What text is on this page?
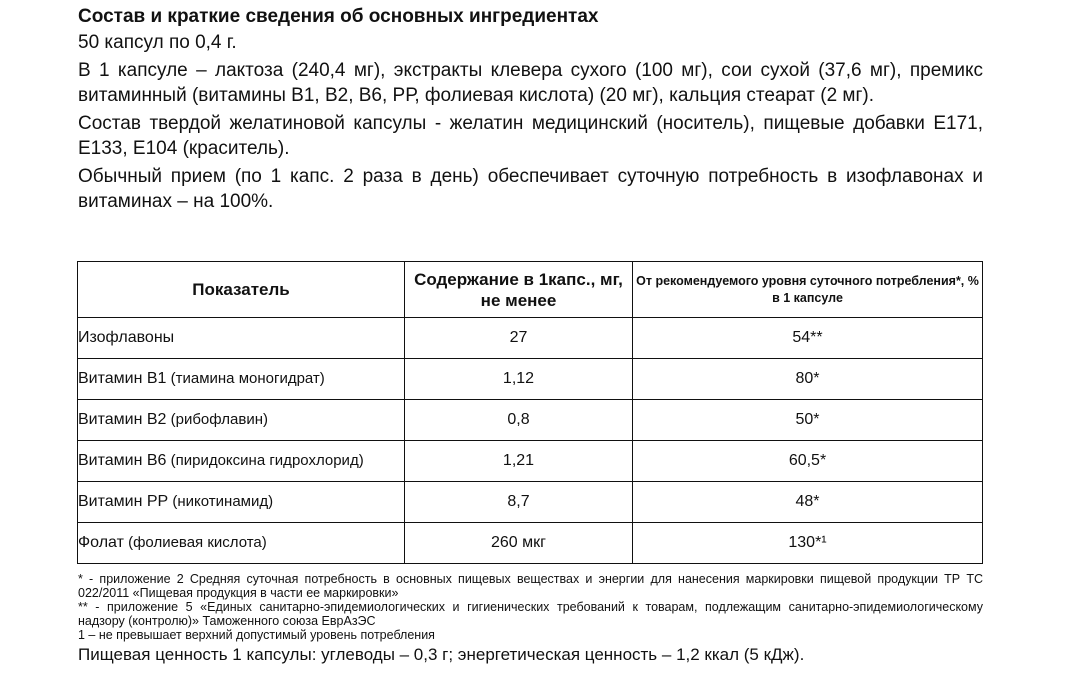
Состав и краткие сведения об основных ингредиентах

50 капсул по 0,4 г.

В 1 капсуле – лактоза (240,4 мг), экстракты клевера сухого (100 мг), сои сухой (37,6 мг), премикс витаминный (витамины В1, В2, В6, РР, фолиевая кислота) (20 мг), кальция стеарат (2 мг).

Состав твердой желатиновой капсулы - желатин медицинский (носитель), пищевые добавки Е171, Е133, Е104 (краситель).

Обычный прием (по 1 капс. 2 раза в день) обеспечивает суточную потребность в изофлавонах и витаминах – на 100%.

Показатель	Содержание в 1капс., мг, не менее	От рекомендуемого уровня суточного потребления*, % в 1 капсуле
Изофлавоны	27	54**
Витамин В1 (тиамина моногидрат)	1,12	80*
Витамин В2 (рибофлавин)	0,8	50*
Витамин В6 (пиридоксина гидрохлорид)	1,21	60,5*
Витамин РР (никотинамид)	8,7	48*
Фолат (фолиевая кислота)	260 мкг	130*¹

* - приложение 2 Средняя суточная потребность в основных пищевых веществах и энергии для нанесения маркировки пищевой продукции ТР ТС 022/2011 «Пищевая продукция в части ее маркировки»

** - приложение 5 «Единых санитарно-эпидемиологических и гигиенических требований к товарам, подлежащим санитарно-эпидемиологическому надзору (контролю)» Таможенного союза ЕврАзЭС

1 – не превышает верхний допустимый уровень потребления

Пищевая ценность 1 капсулы: углеводы – 0,3 г; энергетическая ценность – 1,2 ккал (5 кДж).
